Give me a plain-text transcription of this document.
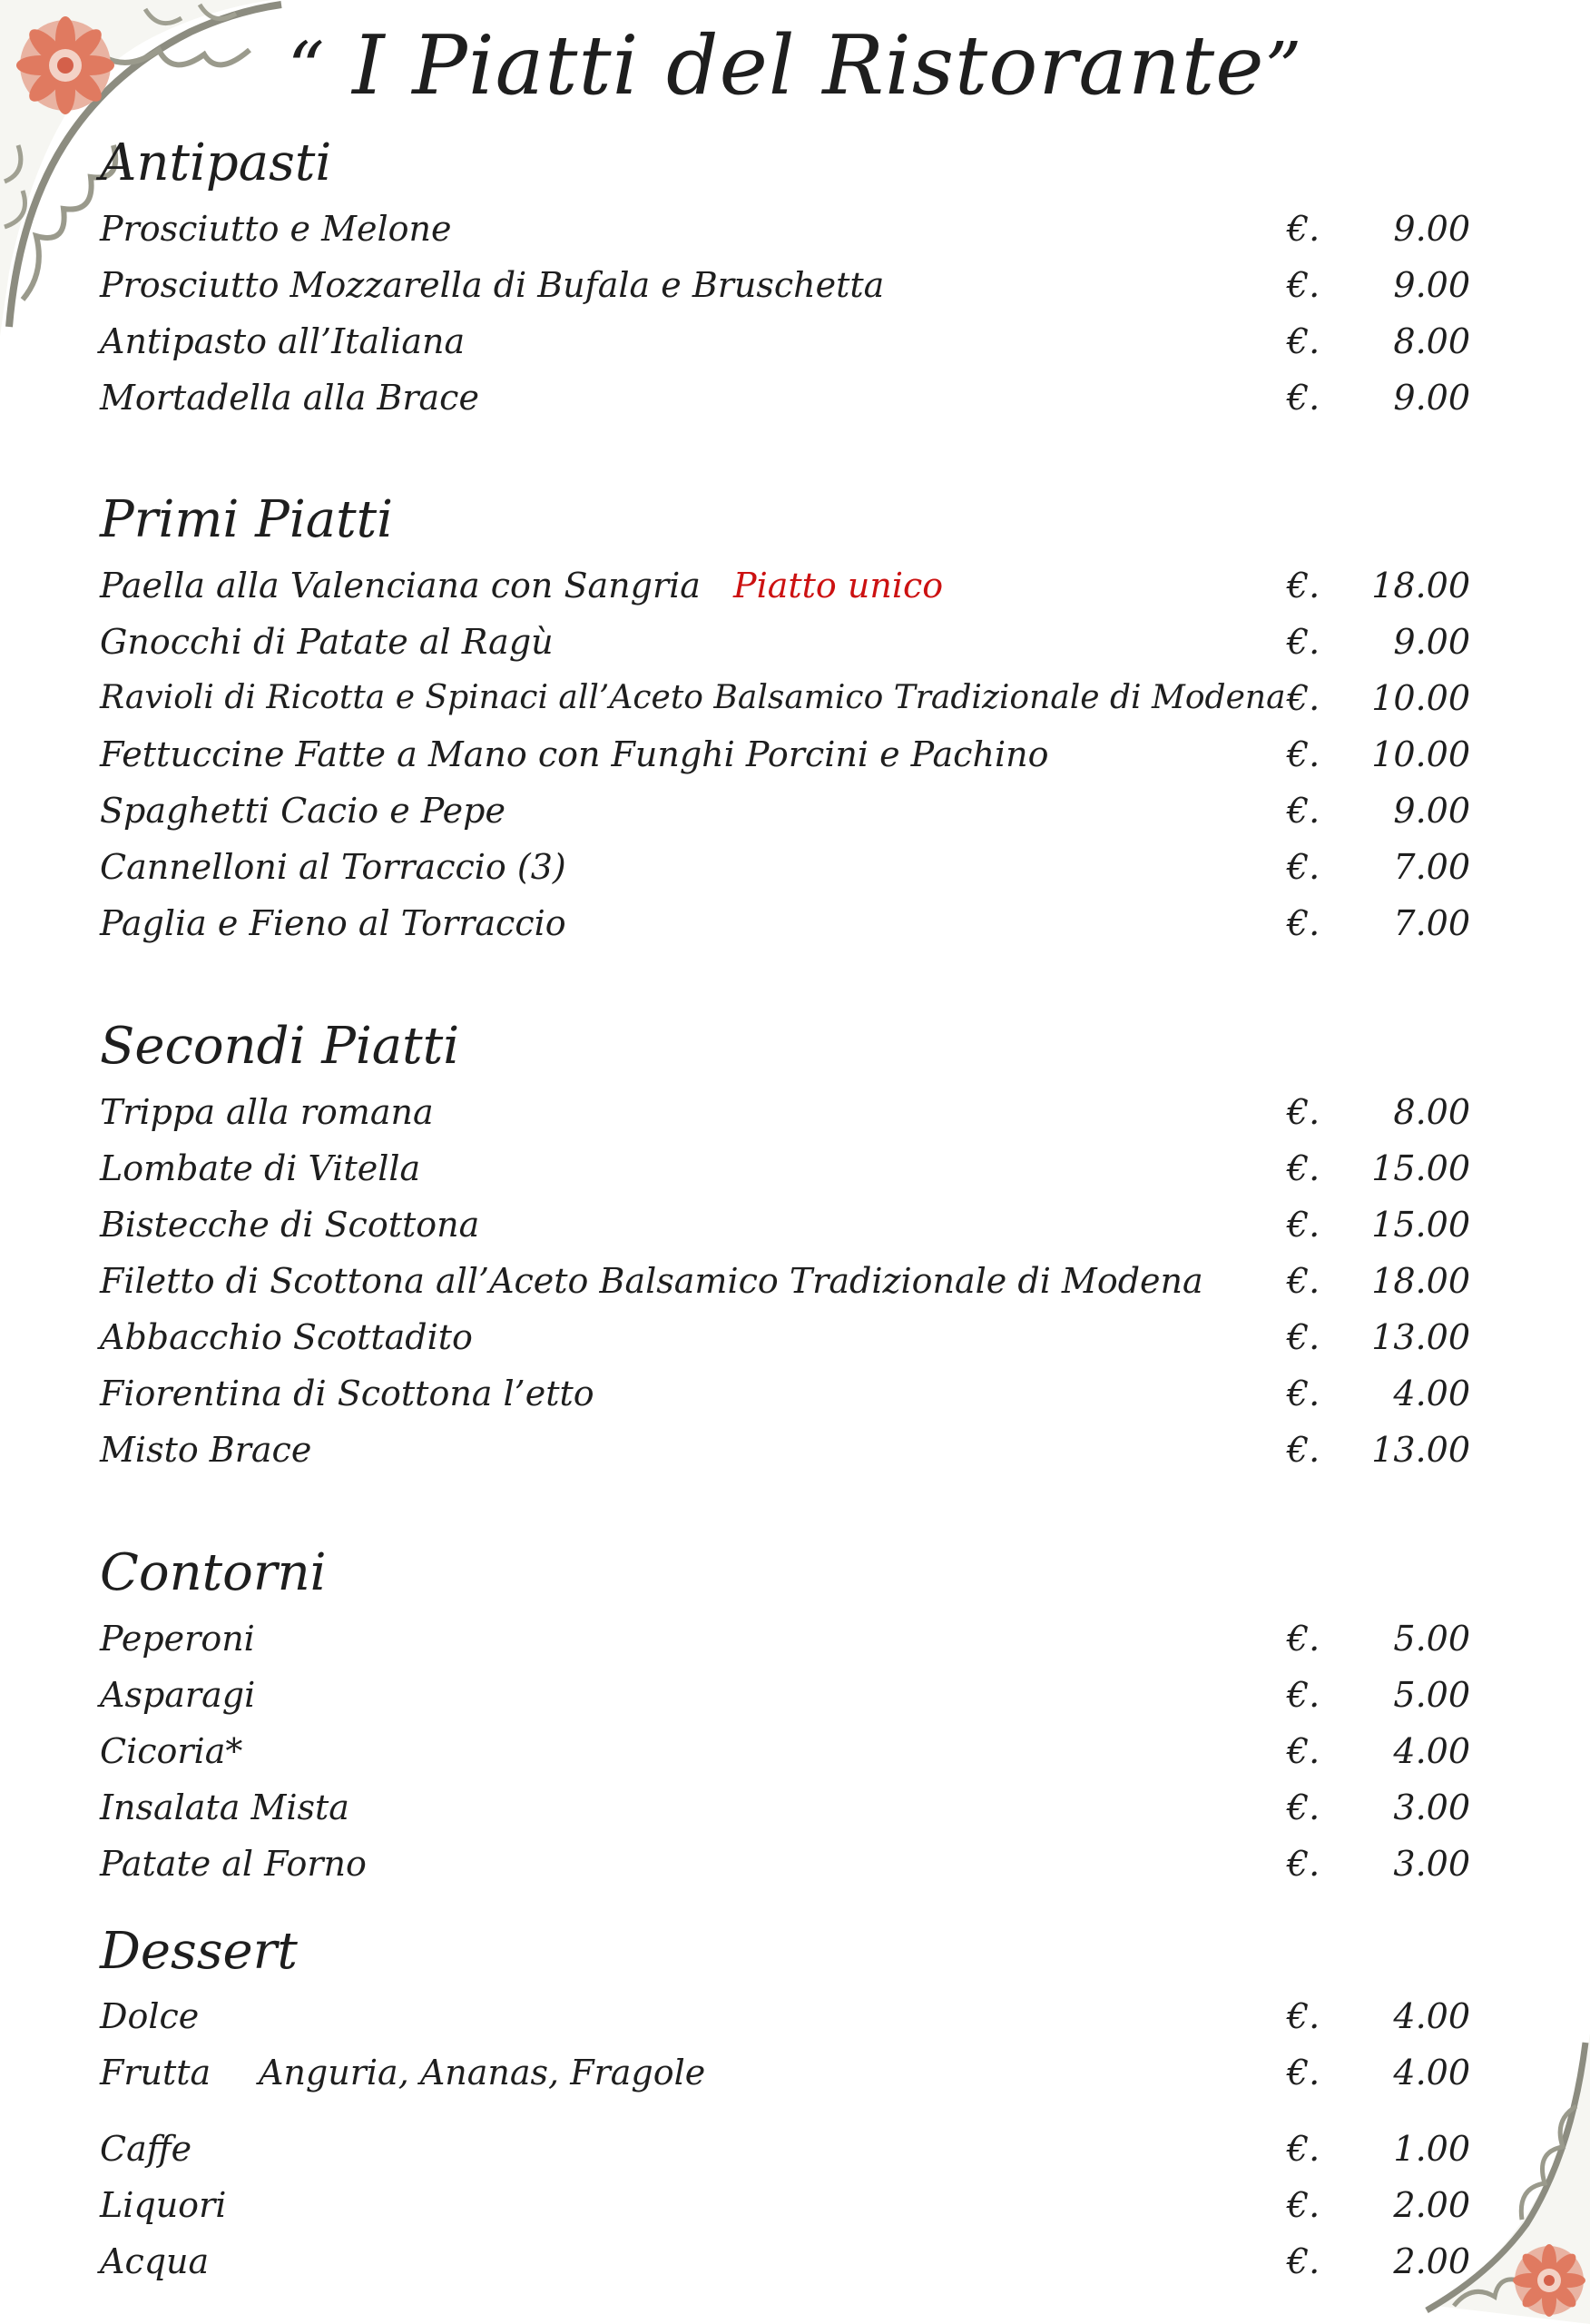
“ I Piatti del Ristorante”
Antipasti
Prosciutto e Melone	€.	9.00
Prosciutto Mozzarella di Bufala e Bruschetta	€.	9.00
Antipasto all’Italiana	€.	8.00
Mortadella alla Brace	€.	9.00
Primi Piatti
Paella alla Valenciana con Sangria Piatto unico	€.	18.00
Gnocchi di Patate al Ragù	€.	9.00
Ravioli di Ricotta e Spinaci all’Aceto Balsamico Tradizionale di Modena €.	10.00
Fettuccine Fatte a Mano con Funghi Porcini e Pachino	€.	10.00
Spaghetti Cacio e Pepe	€.	9.00
Cannelloni al Torraccio (3)	€.	7.00
Paglia e Fieno al Torraccio	€.	7.00
Secondi Piatti
Trippa alla romana	€.	8.00
Lombate di Vitella	€.	15.00
Bistecche di Scottona	€.	15.00
Filetto di Scottona all’Aceto Balsamico Tradizionale di Modena €.	18.00
Abbacchio Scottadito	€.	13.00
Fiorentina di Scottona l’etto	€.	4.00
Misto Brace	€.	13.00
Contorni
Peperoni	€.	5.00
Asparagi	€.	5.00
Cicoria*	€.	4.00
Insalata Mista	€.	3.00
Patate al Forno	€.	3.00
Dessert
Dolce	€.	4.00
Frutta Anguria, Ananas, Fragole	€.	4.00
Caffe	€.	1.00
Liquori	€.	2.00
Acqua	€.	2.00
